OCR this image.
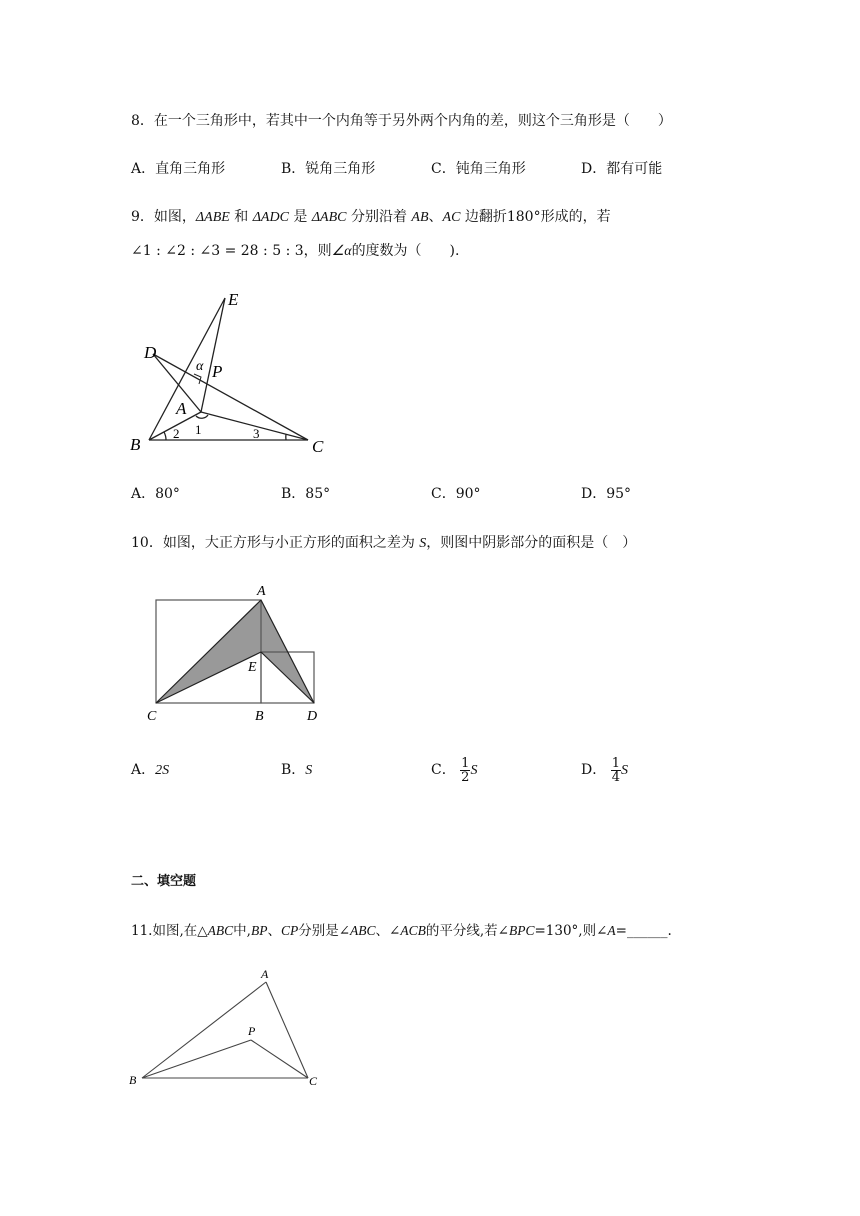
8．在一个三角形中，若其中一个内角等于另外两个内角的差，则这个三角形是（　　）
A．直角三角形	B．锐角三角形	C．钝角三角形	D．都有可能
9．如图，ΔABE 和 ΔADC 是 ΔABC 分别沿着 AB、AC 边翻折180°形成的，若
∠1 : ∠2 : ∠3 = 28 : 5 : 3，则∠α的度数为（　　).
E
D
α P
A
1
2	3
B	C
A．80°	B．85°	C．90°	D．95°
10．如图，大正方形与小正方形的面积之差为 S，则图中阴影部分的面积是（　）
A
E
C	B	D
A．2S	B．S	C． $\frac{1}{2}$ S	D． $\frac{1}{4}$ S
二、填空题
11.如图,在△ABC中,BP、CP分别是∠ABC、∠ACB的平分线,若∠BPC=130°,则∠A=______.
A
P
B	C
